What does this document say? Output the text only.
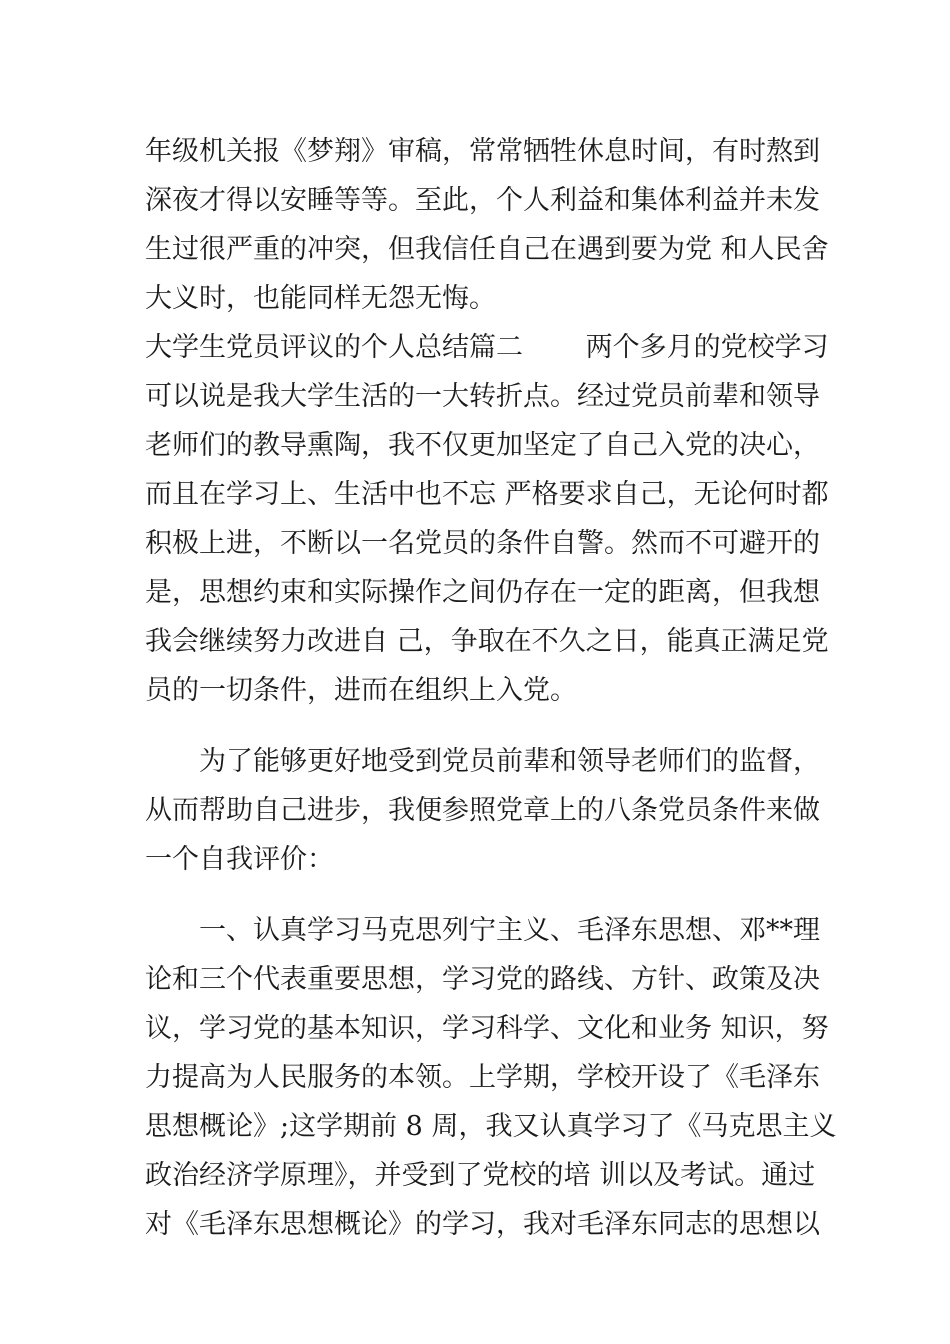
年级机关报《梦翔》审稿，常常牺牲休息时间，有时熬到
深夜才得以安睡等等。至此，个人利益和集体利益并未发
生过很严重的冲突，但我信任自己在遇到要为党 和人民舍
大义时，也能同样无怨无悔。
大学生党员评议的个人总结篇二 　　两个多月的党校学习
可以说是我大学生活的一大转折点。经过党员前辈和领导
老师们的教导熏陶，我不仅更加坚定了自己入党的决心，
而且在学习上、生活中也不忘 严格要求自己，无论何时都
积极上进，不断以一名党员的条件自警。然而不可避开的
是，思想约束和实际操作之间仍存在一定的距离，但我想
我会继续努力改进自 己，争取在不久之日，能真正满足党
员的一切条件，进而在组织上入党。
　　为了能够更好地受到党员前辈和领导老师们的监督，
从而帮助自己进步，我便参照党章上的八条党员条件来做
一个自我评价：
　　一、认真学习马克思列宁主义、毛泽东思想、邓**理
论和三个代表重要思想，学习党的路线、方针、政策及决
议，学习党的基本知识，学习科学、文化和业务 知识，努
力提高为人民服务的本领。上学期，学校开设了《毛泽东
思想概论》;这学期前 8 周，我又认真学习了《马克思主义
政治经济学原理》，并受到了党校的培 训以及考试。通过
对《毛泽东思想概论》的学习，我对毛泽东同志的思想以
